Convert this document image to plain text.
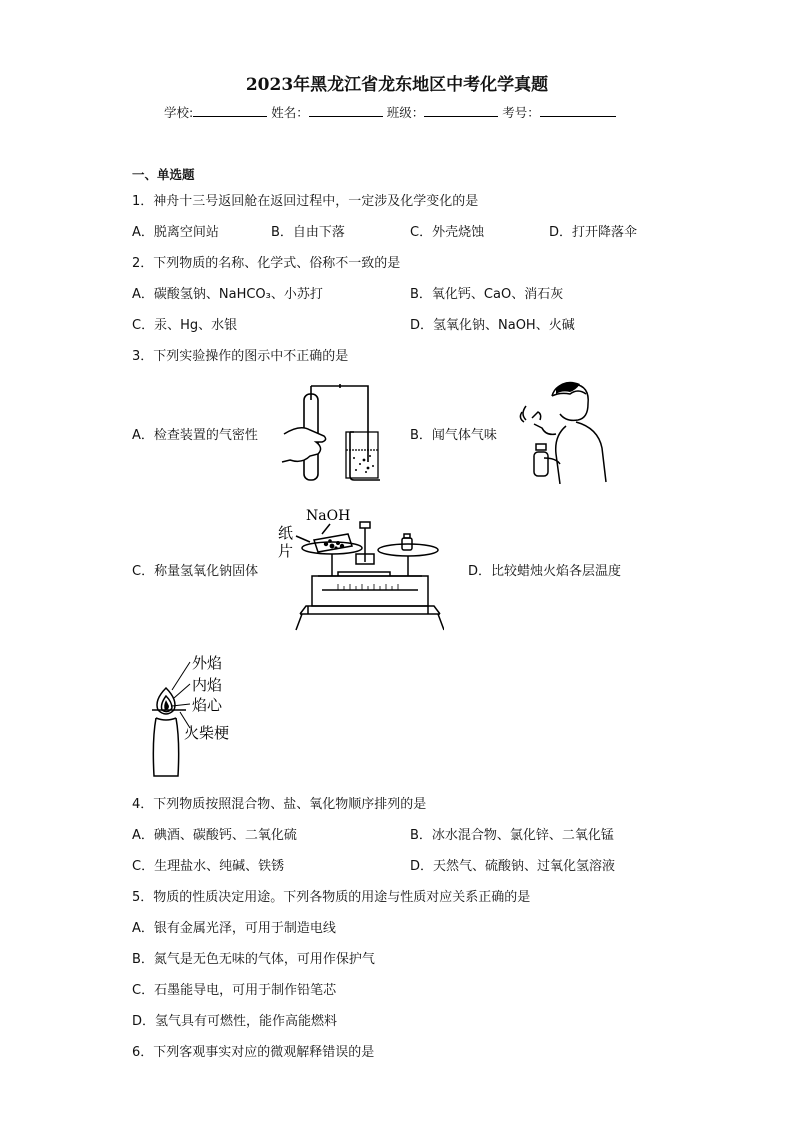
2023年黑龙江省龙东地区中考化学真题
学校:	姓名：	班级：	考号：
一、单选题
1．神舟十三号返回舱在返回过程中，一定涉及化学变化的是
A．脱离空间站	B．自由下落	C．外壳烧蚀	D．打开降落伞
2．下列物质的名称、化学式、俗称不一致的是
A．碳酸氢钠、NaHCO₃、小苏打	B．氧化钙、CaO、消石灰
C．汞、Hg、水银	D．氢氧化钠、NaOH、火碱
3．下列实验操作的图示中不正确的是
A．检查装置的气密性	B．闻气体气味
C．称量氢氧化钠固体	D．比较蜡烛火焰各层温度
NaOH
纸
片
外焰
内焰
焰心
火柴梗
4．下列物质按照混合物、盐、氧化物顺序排列的是
A．碘酒、碳酸钙、二氧化硫	B．冰水混合物、氯化锌、二氧化锰
C．生理盐水、纯碱、铁锈	D．天然气、硫酸钠、过氧化氢溶液
5．物质的性质决定用途。下列各物质的用途与性质对应关系正确的是
A．银有金属光泽，可用于制造电线
B．氮气是无色无味的气体，可用作保护气
C．石墨能导电，可用于制作铅笔芯
D．氢气具有可燃性，能作高能燃料
6．下列客观事实对应的微观解释错误的是
